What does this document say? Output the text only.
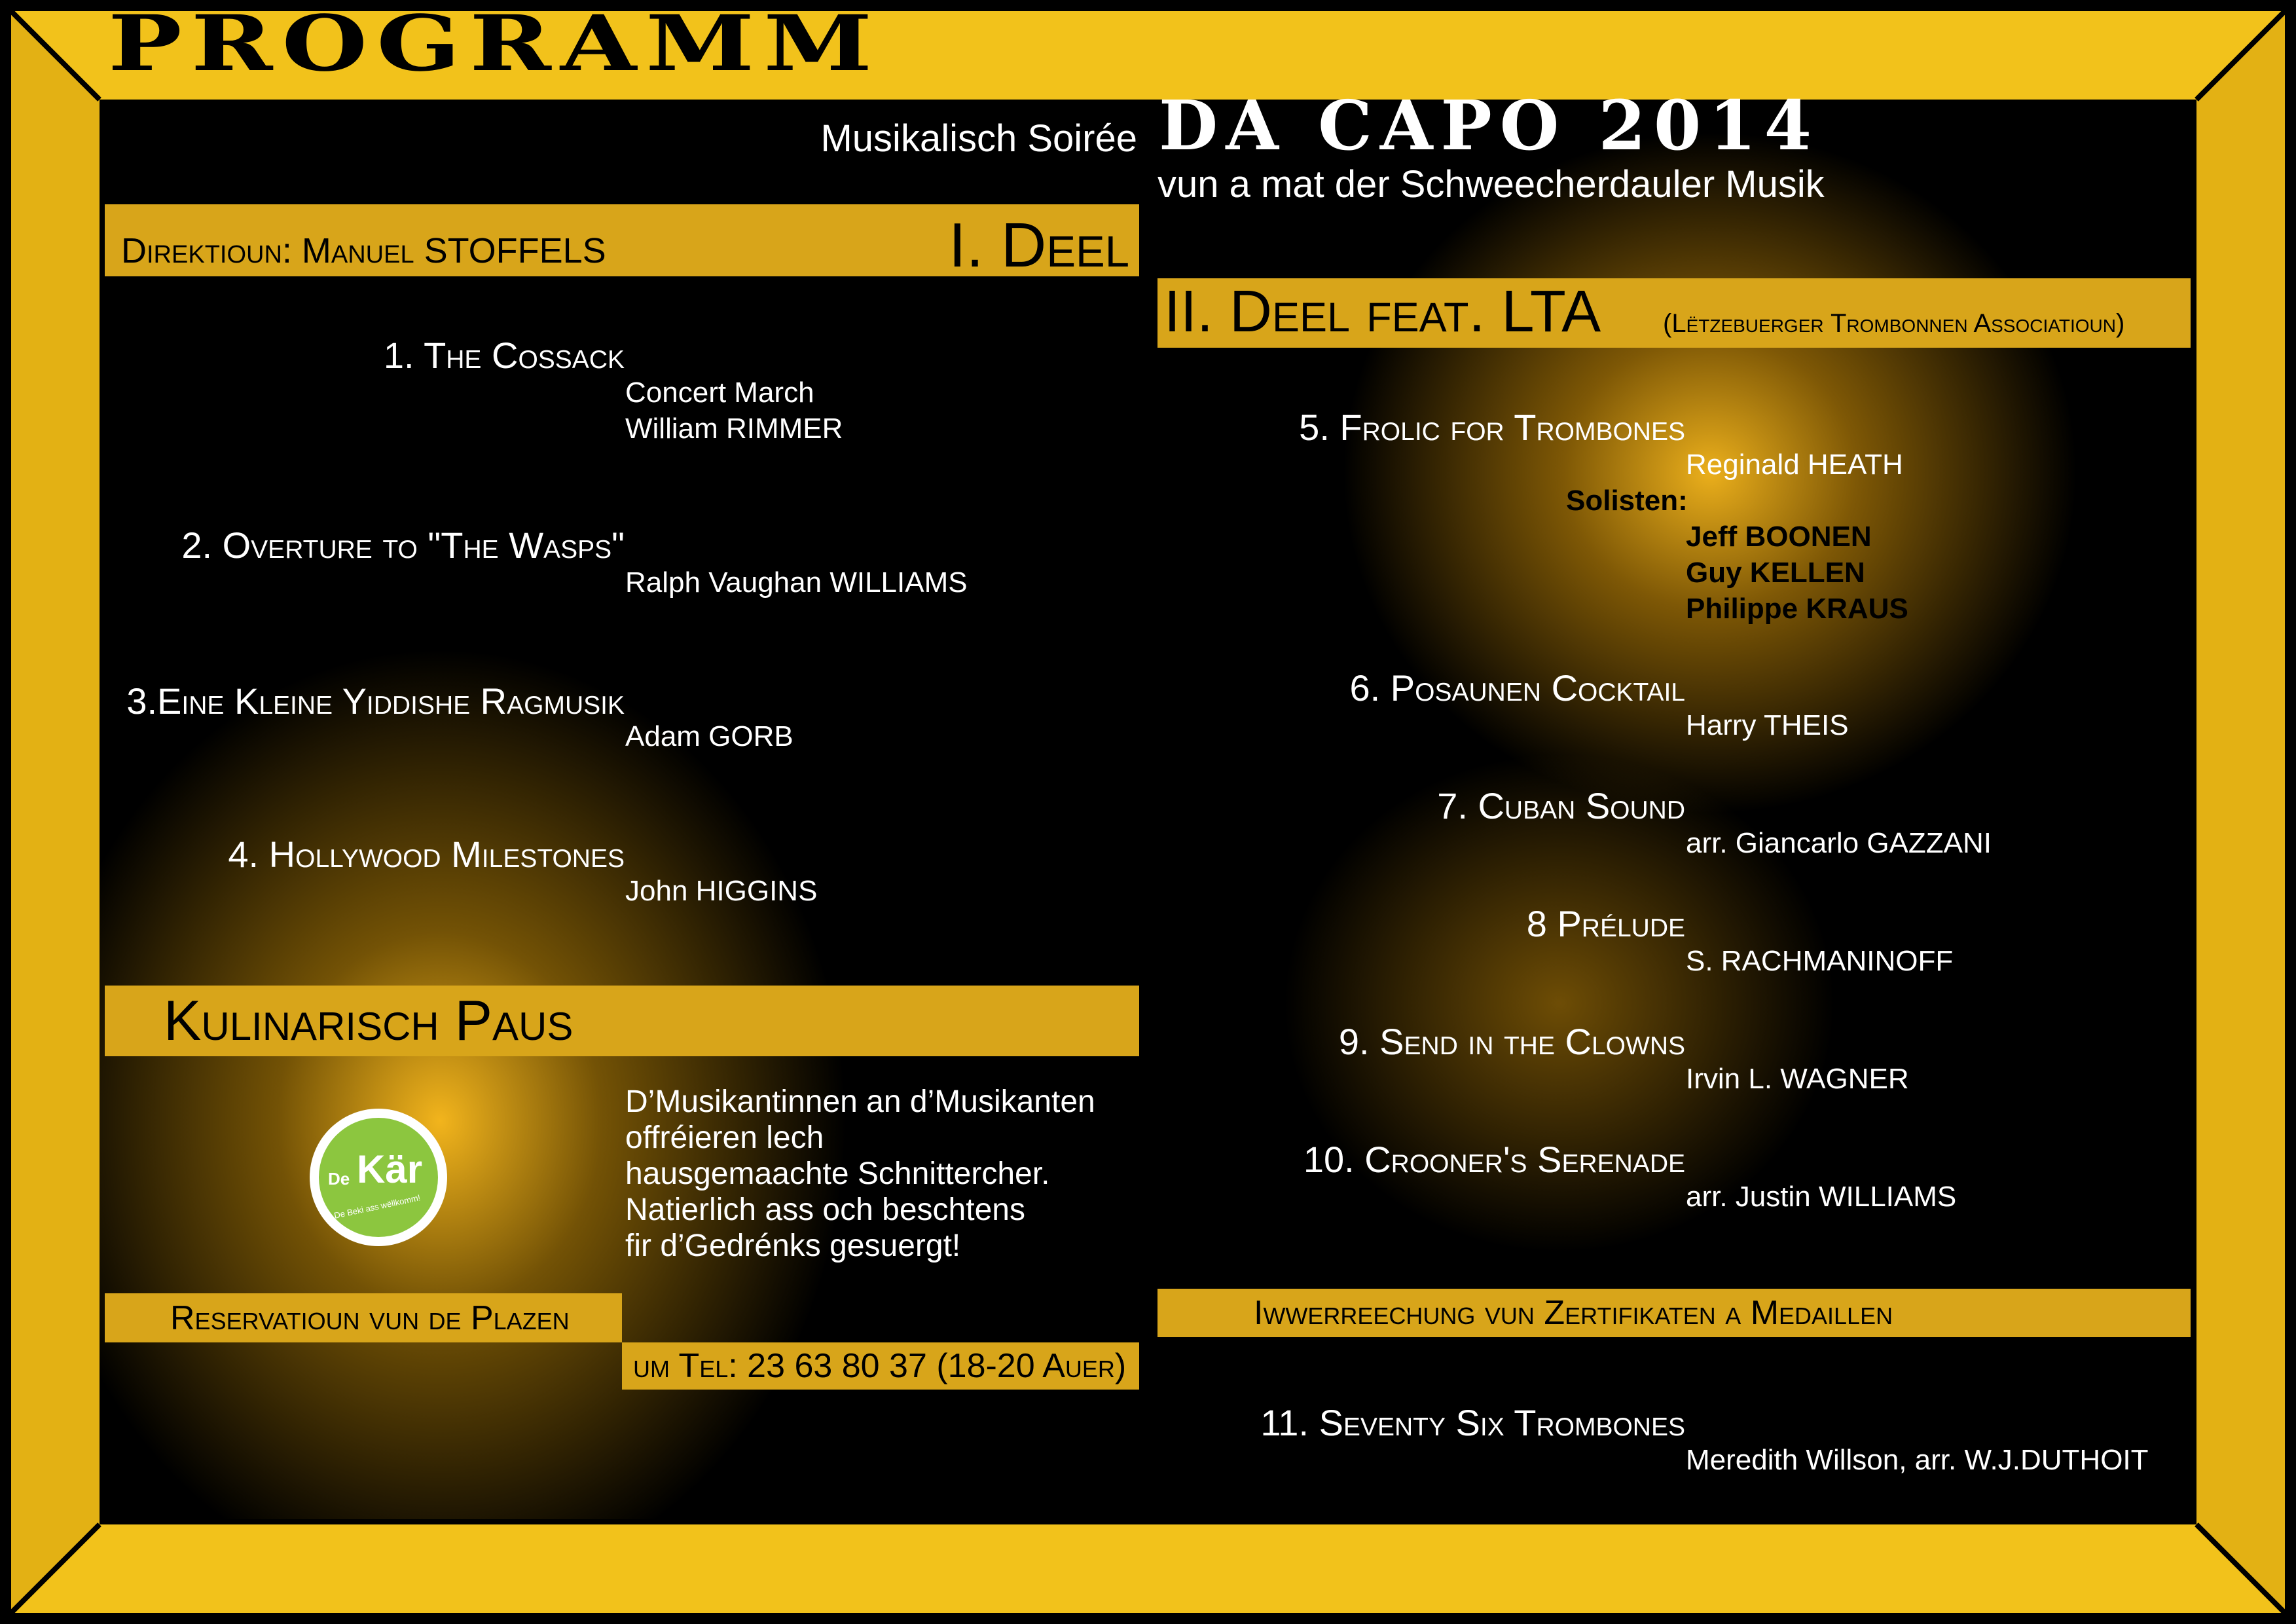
PROGRAMM
Musikalisch Soirée DA CAPO 2014
vun a mat der Schweecherdauler Musik
Direktioun: Manuel STOFFELS	I. Deel
1. The Cossack
Concert March
William RIMMER
2. Overture to "The Wasps"
Ralph Vaughan WILLIAMS
3.Eine Kleine Yiddishe Ragmusik
Adam GORB
4. Hollywood Milestones
John HIGGINS
Kulinarisch Paus
De Kär
De Beki ass wëllkomm!
D’Musikantinnen an d’Musikanten
offréieren lech
hausgemaachte Schnittercher.
Natierlich ass och beschtens
fir d’Gedrénks gesuergt!
Reservatioun vun de Plazen
um Tel: 23 63 80 37 (18-20 Auer)
II. Deel feat. LTA (Lëtzebuerger Trombonnen Associatioun)
5. Frolic for Trombones
Reginald HEATH
Solisten:
Jeff BOONEN
Guy KELLEN
Philippe KRAUS
6. Posaunen Cocktail
Harry THEIS
7. Cuban Sound
arr. Giancarlo GAZZANI
8 Prélude
S. RACHMANINOFF
9. Send in the Clowns
Irvin L. WAGNER
10. Crooner's Serenade
arr. Justin WILLIAMS
Iwwerreechung vun Zertifikaten a Medaillen
11. Seventy Six Trombones
Meredith Willson, arr. W.J.DUTHOIT
